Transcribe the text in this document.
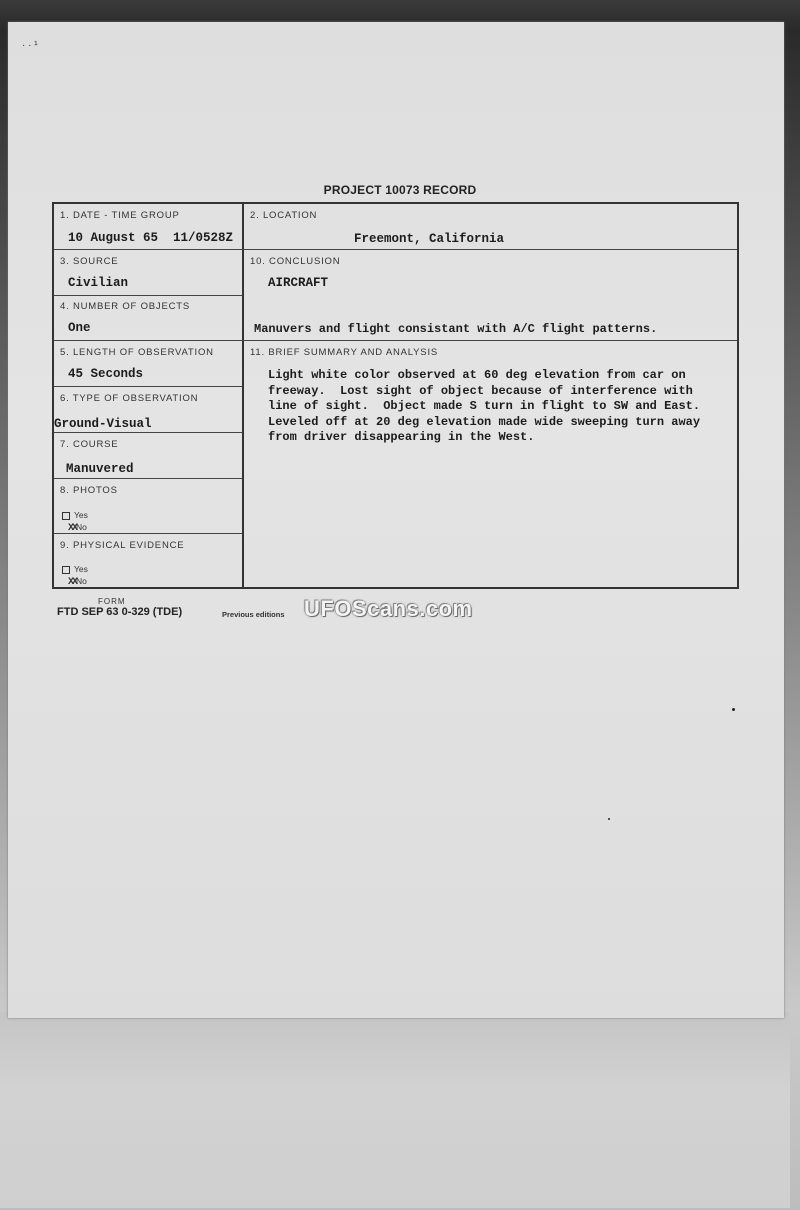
· · ¹
PROJECT 10073 RECORD
1. DATE - TIME GROUP
10 August 65  11/0528Z
2. LOCATION
Freemont, California
3. SOURCE
Civilian
10. CONCLUSION
AIRCRAFT
Manuvers and flight consistant with A/C flight patterns.
4. NUMBER OF OBJECTS
One
5. LENGTH OF OBSERVATION
45 Seconds
11. BRIEF SUMMARY AND ANALYSIS
Light white color observed at 60 deg elevation from car on
freeway.  Lost sight of object because of interference with
line of sight.  Object made S turn in flight to SW and East.
Leveled off at 20 deg elevation made wide sweeping turn away
from driver disappearing in the West.
6. TYPE OF OBSERVATION
Ground-Visual
7. COURSE
Manuvered
8. PHOTOS
Yes
XXNo
9. PHYSICAL EVIDENCE
Yes
XXNo
FORM
FTD SEP 63 0-329 (TDE)	Previous editions UFOScans.com
